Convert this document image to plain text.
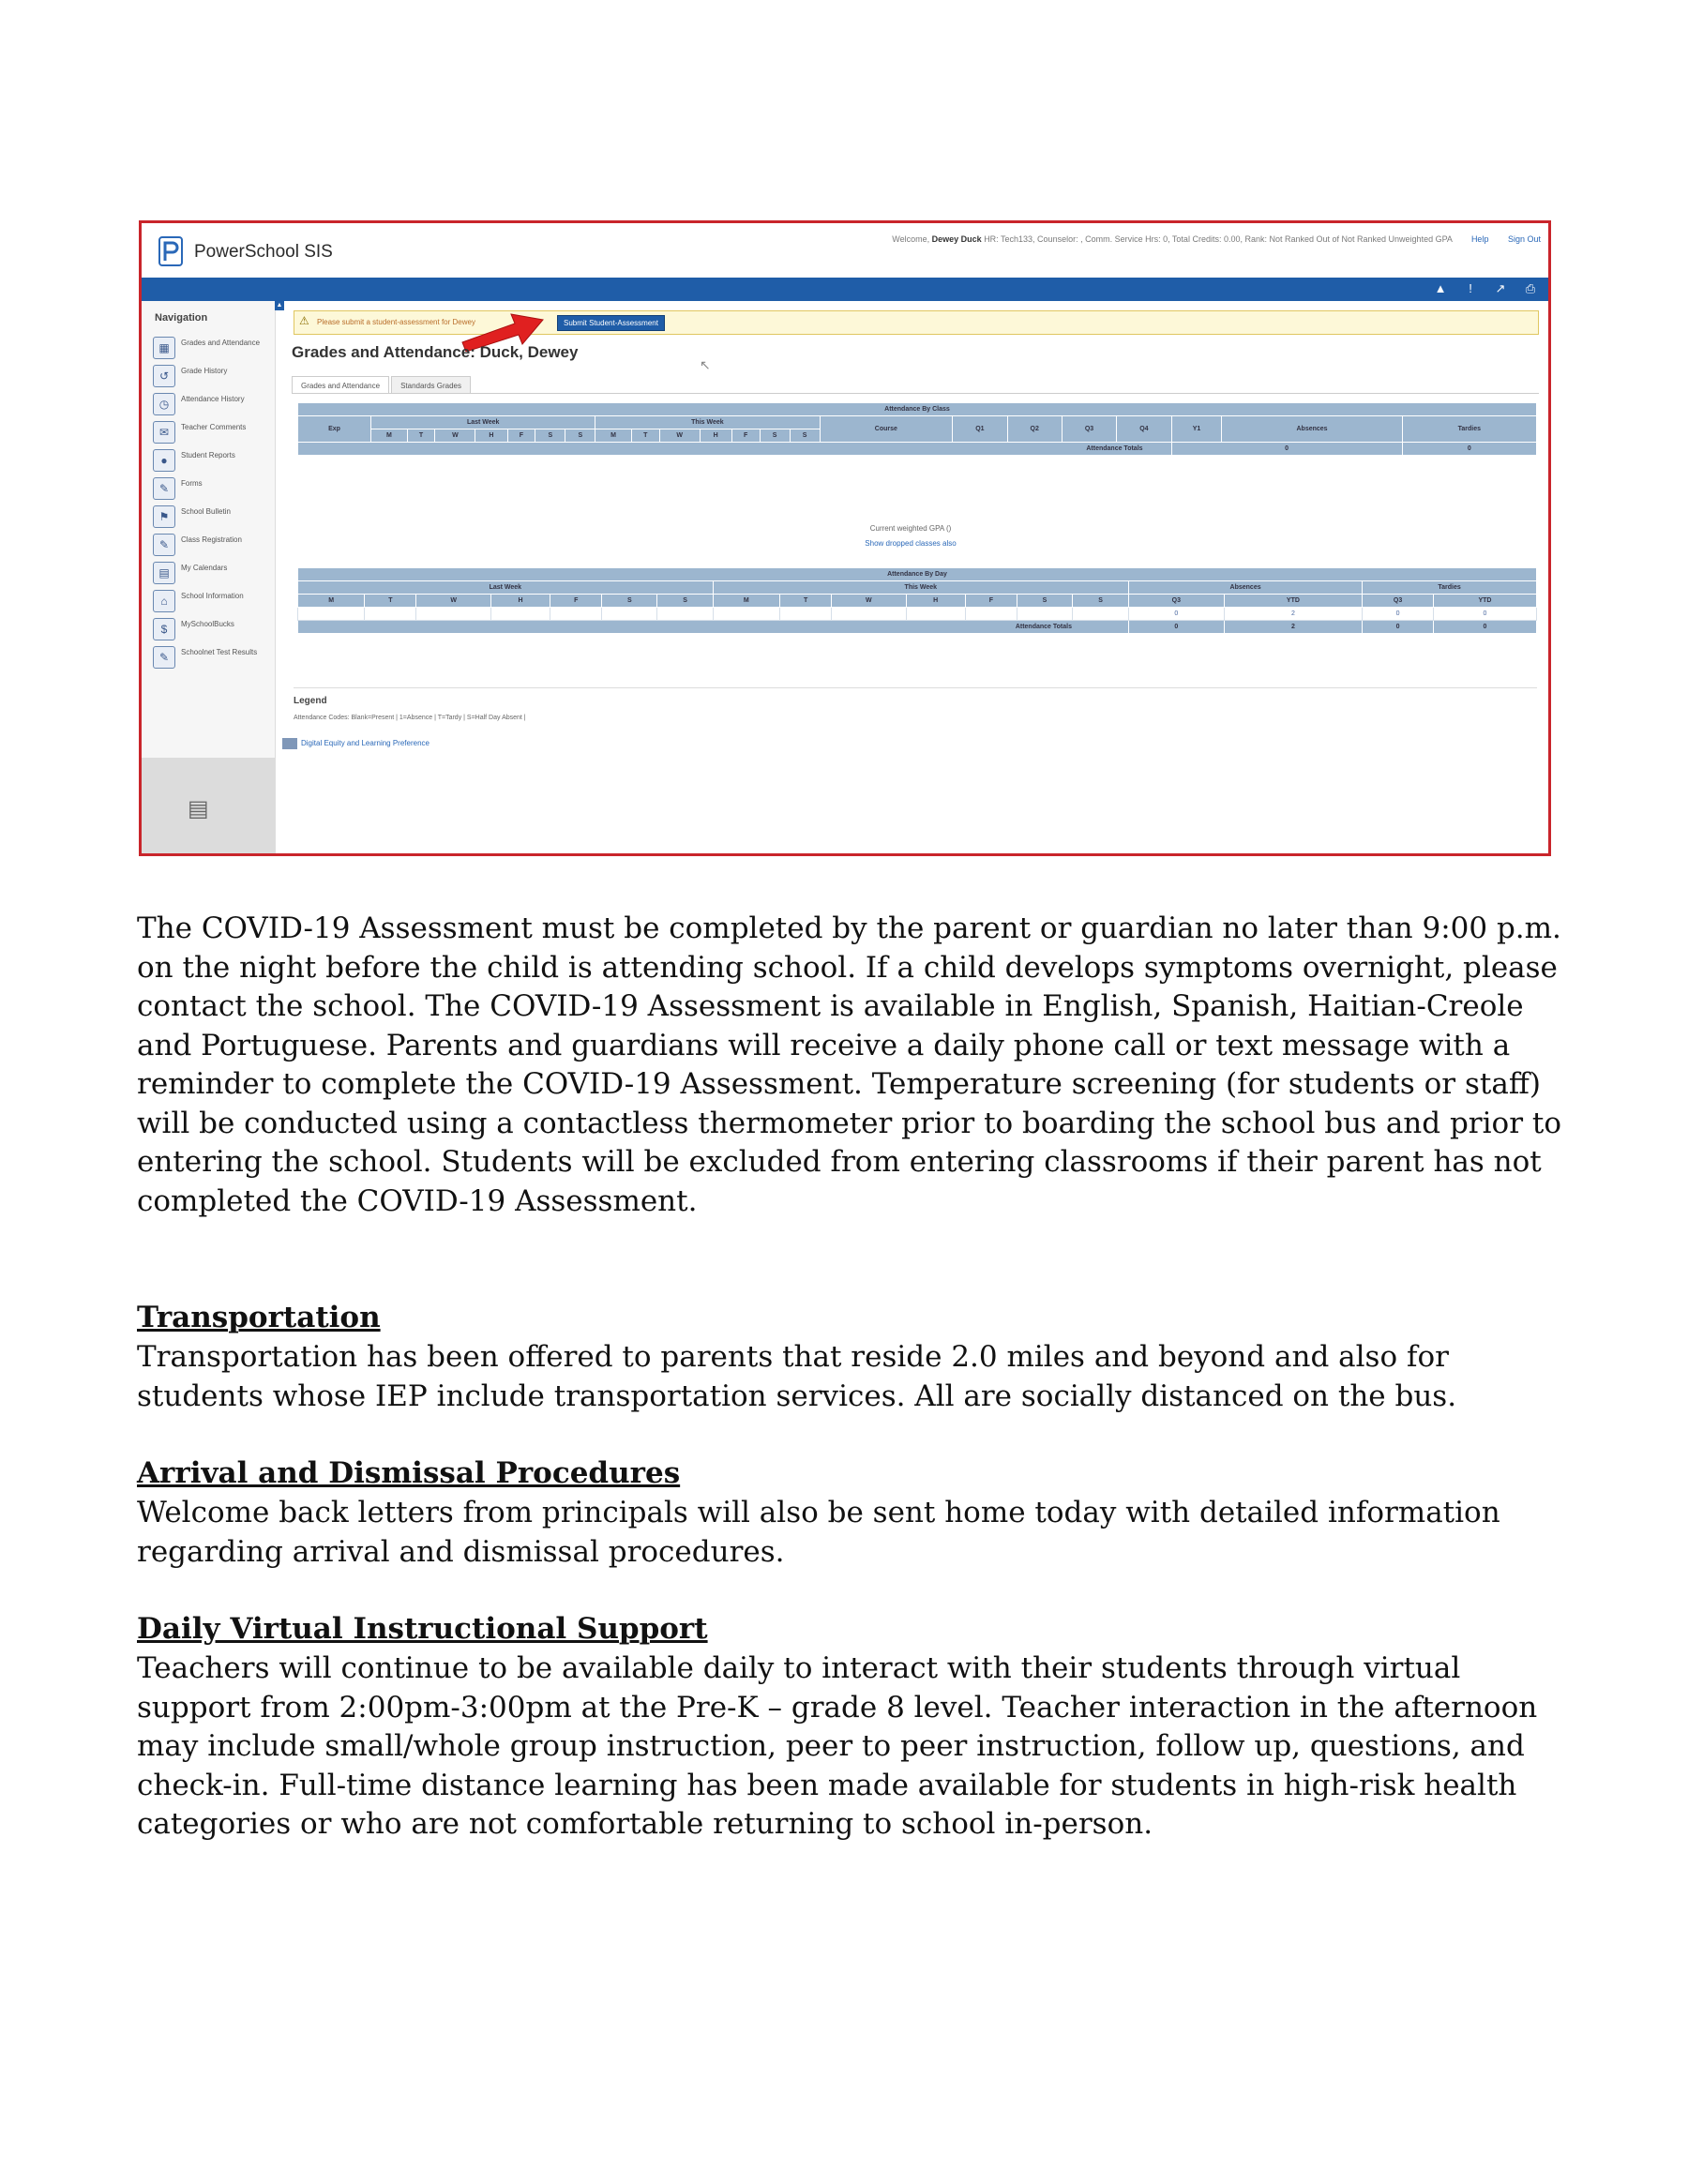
PowerSchool SIS
Welcome, Dewey Duck HR: Tech133, Counselor: , Comm. Service Hrs: 0, Total Credits: 0.00, Rank: Not Ranked Out of Not Ranked Unweighted GPA Help Sign Out
▲	!	↗ ⎙
Navigation
▦	Grades and Attendance
↺	Grade History
◷	Attendance History
✉	Teacher Comments
●	Student Reports
✎	Forms
⚑	School Bulletin
✎	Class Registration
▤	My Calendars
⌂	School Information
$	MySchoolBucks
✎	Schoolnet Test Results
▤
▲
⚠ Please submit a student-assessment for Dewey	Submit Student-Assessment
Grades and Attendance: Duck, Dewey
↖
Grades and Attendance	Standards Grades
Attendance By Class																						
Exp	Last Week							This Week							Course	Q1	Q2	Q3	Q4	Y1	Absences	Tardies
	M	T	W	H	F	S	S	M	T	W	H	F	S	S								
Attendance Totals																				0		0
Current weighted GPA ()
Show dropped classes also
Attendance By Day																	
Last Week							This Week							Absences		Tardies	
M	T	W	H	F	S	S	M	T	W	H	F	S	S	Q3	YTD	Q3	YTD
														0	2	0	0
Attendance Totals														0	2	0	0
Legend
Attendance Codes: Blank=Present | 1=Absence | T=Tardy | S=Half Day Absent |
Digital Equity and Learning Preference

The COVID-19 Assessment must be completed by the parent or guardian no later than 9:00 p.m. on the night before the child is attending school. If a child develops symptoms overnight, please contact the school. The COVID-19 Assessment is available in English, Spanish, Haitian-Creole and Portuguese. Parents and guardians will receive a daily phone call or text message with a reminder to complete the COVID-19 Assessment. Temperature screening (for students or staff) will be conducted using a contactless thermometer prior to boarding the school bus and prior to entering the school. Students will be excluded from entering classrooms if their parent has not completed the COVID-19 Assessment.

Transportation

Transportation has been offered to parents that reside 2.0 miles and beyond and also for students whose IEP include transportation services. All are socially distanced on the bus.

Arrival and Dismissal Procedures

Welcome back letters from principals will also be sent home today with detailed information regarding arrival and dismissal procedures.

Daily Virtual Instructional Support

Teachers will continue to be available daily to interact with their students through virtual support from 2:00pm-3:00pm at the Pre-K – grade 8 level. Teacher interaction in the afternoon may include small/whole group instruction, peer to peer instruction, follow up, questions, and check-in. Full-time distance learning has been made available for students in high-risk health categories or who are not comfortable returning to school in-person.
